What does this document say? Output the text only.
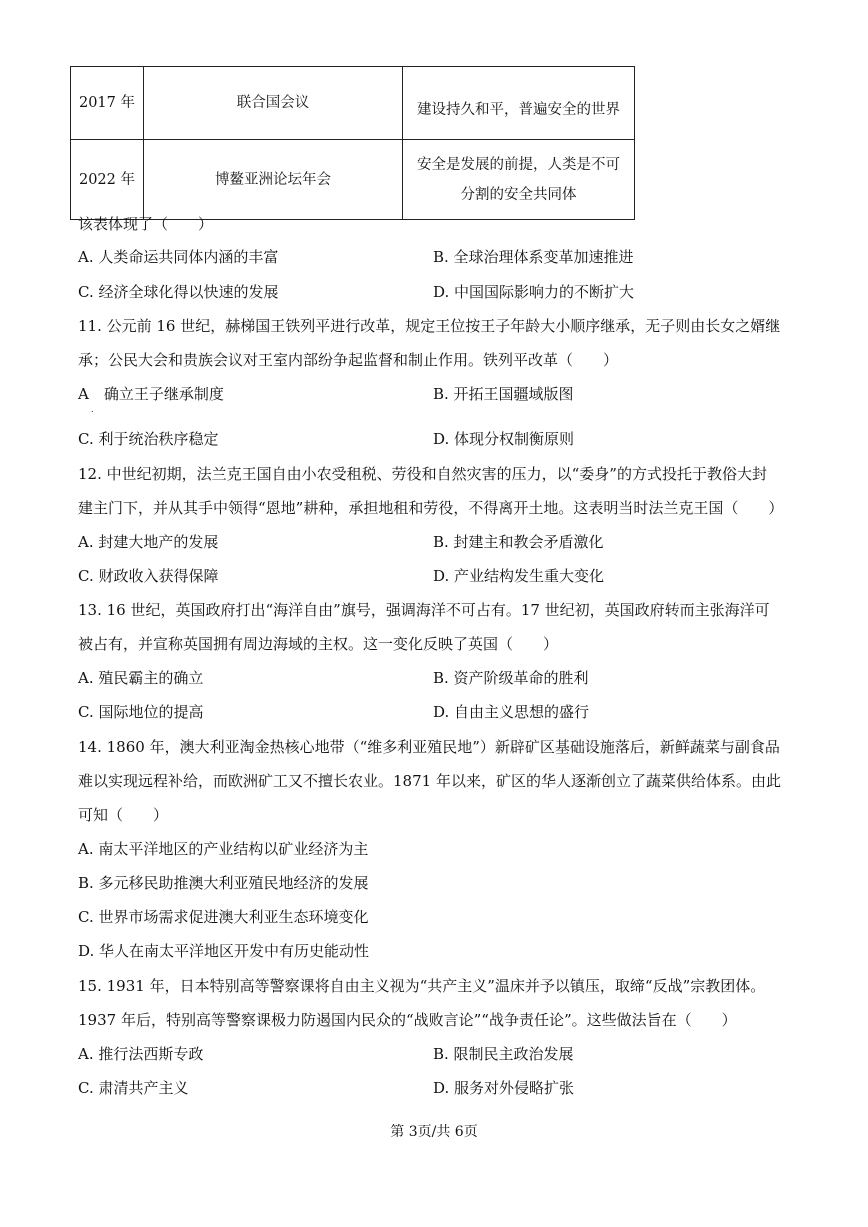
2017 年	联合国会议	建设持久和平，普遍安全的世界
2022 年	博鳌亚洲论坛年会	安全是发展的前提，人类是不可
分割的安全共同体
该表体现了（　　）
A. 人类命运共同体内涵的丰富	B. 全球治理体系变革加速推进
C. 经济全球化得以快速的发展	D. 中国国际影响力的不断扩大
11. 公元前 16 世纪，赫梯国王铁列平进行改革，规定王位按王子年龄大小顺序继承，无子则由长女之婿继
承；公民大会和贵族会议对王室内部纷争起监督和制止作用。铁列平改革（　　）
A　确立王子继承制度
.
B. 开拓王国疆域版图
C. 利于统治秩序稳定	D. 体现分权制衡原则
12. 中世纪初期，法兰克王国自由小农受租税、劳役和自然灾害的压力，以“委身”的方式投托于教俗大封
建主门下，并从其手中领得“恩地”耕种，承担地租和劳役，不得离开土地。这表明当时法兰克王国（　　）
A. 封建大地产的发展	B. 封建主和教会矛盾激化
C. 财政收入获得保障	D. 产业结构发生重大变化
13. 16 世纪，英国政府打出“海洋自由”旗号，强调海洋不可占有。17 世纪初，英国政府转而主张海洋可
被占有，并宣称英国拥有周边海域的主权。这一变化反映了英国（　　）
A. 殖民霸主的确立	B. 资产阶级革命的胜利
C. 国际地位的提高	D. 自由主义思想的盛行
14. 1860 年，澳大利亚淘金热核心地带（“维多利亚殖民地”）新辟矿区基础设施落后，新鲜蔬菜与副食品
难以实现远程补给，而欧洲矿工又不擅长农业。1871 年以来，矿区的华人逐渐创立了蔬菜供给体系。由此
可知（　　）
A. 南太平洋地区的产业结构以矿业经济为主
B. 多元移民助推澳大利亚殖民地经济的发展
C. 世界市场需求促进澳大利亚生态环境变化
D. 华人在南太平洋地区开发中有历史能动性
15. 1931 年，日本特别高等警察课将自由主义视为“共产主义”温床并予以镇压，取缔“反战”宗教团体。
1937 年后，特别高等警察课极力防遏国内民众的“战败言论”“战争责任论”。这些做法旨在（　　）
A. 推行法西斯专政	B. 限制民主政治发展
C. 肃清共产主义	D. 服务对外侵略扩张
第 3页/共 6页
